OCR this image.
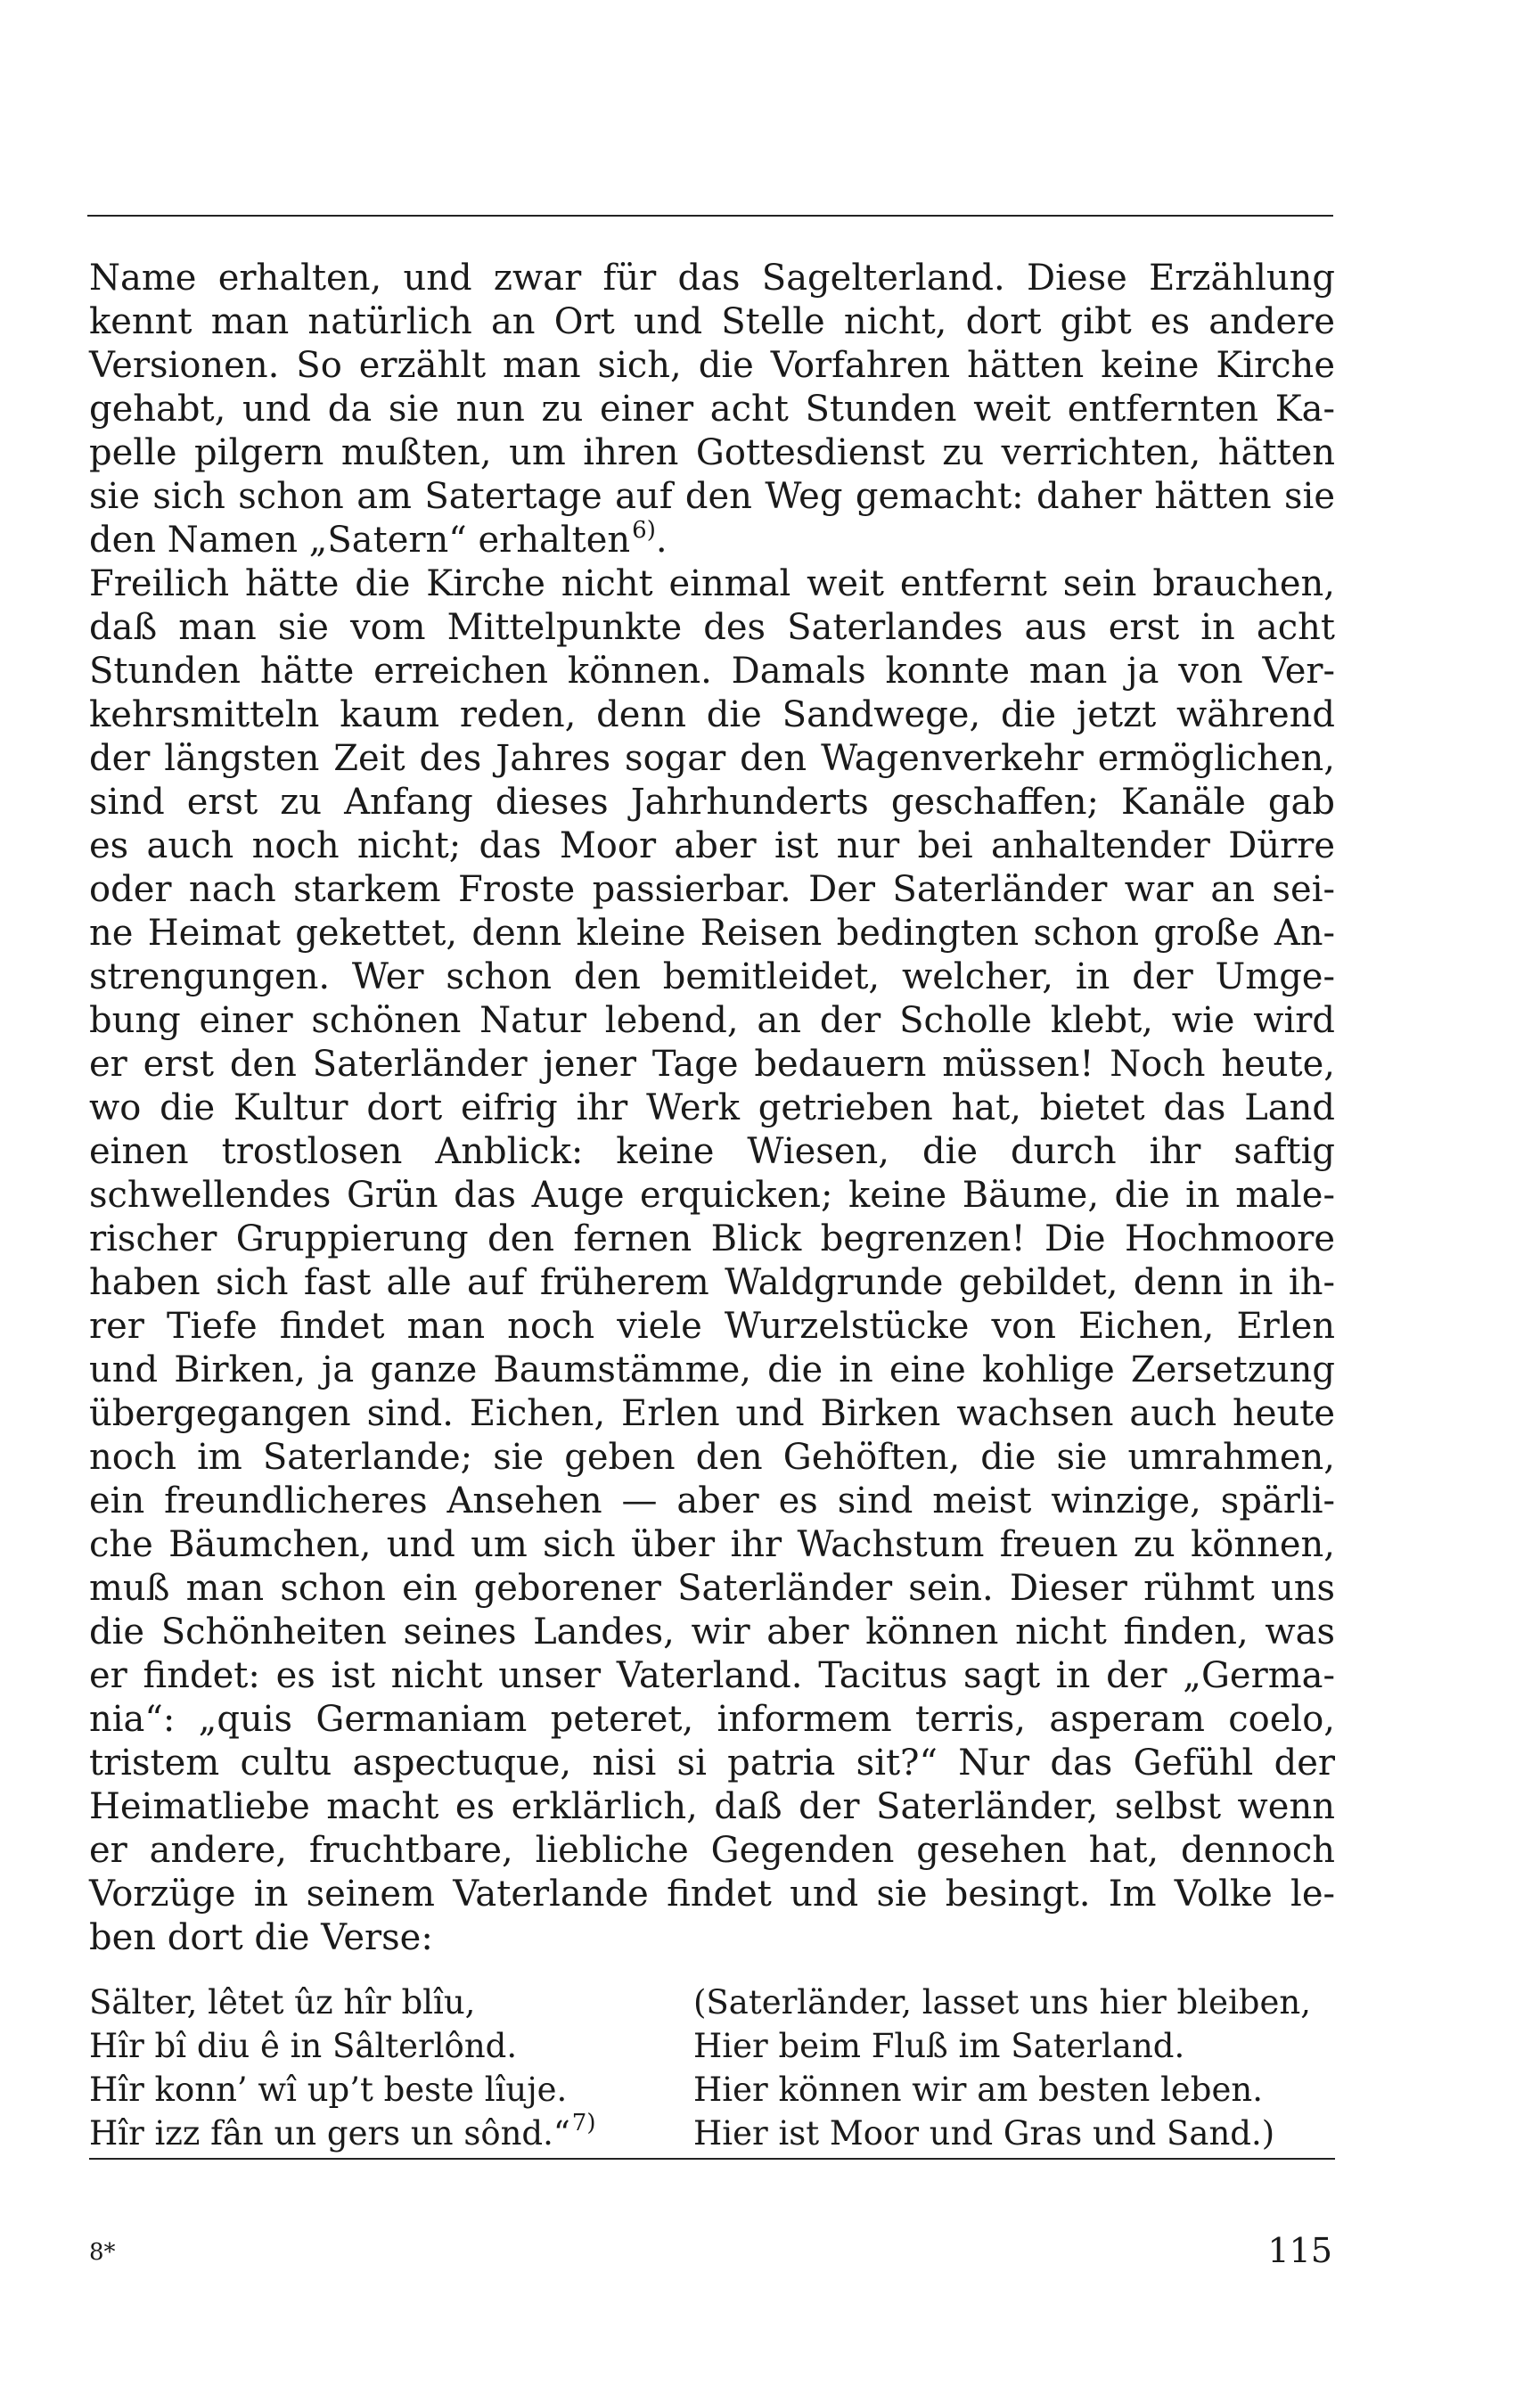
Name erhalten, und zwar für das Sagelterland. Diese Erzählung
kennt man natürlich an Ort und Stelle nicht, dort gibt es andere
Versionen. So erzählt man sich, die Vorfahren hätten keine Kirche
gehabt, und da sie nun zu einer acht Stunden weit entfernten Ka-
pelle pilgern mußten, um ihren Gottesdienst zu verrichten, hätten
sie sich schon am Satertage auf den Weg gemacht: daher hätten sie
den Namen „Satern“ erhalten$^{6)}$.
Freilich hätte die Kirche nicht einmal weit entfernt sein brauchen,
daß man sie vom Mittelpunkte des Saterlandes aus erst in acht
Stunden hätte erreichen können. Damals konnte man ja von Ver-
kehrsmitteln kaum reden, denn die Sandwege, die jetzt während
der längsten Zeit des Jahres sogar den Wagenverkehr ermöglichen,
sind erst zu Anfang dieses Jahrhunderts geschaffen; Kanäle gab
es auch noch nicht; das Moor aber ist nur bei anhaltender Dürre
oder nach starkem Froste passierbar. Der Saterländer war an sei-
ne Heimat gekettet, denn kleine Reisen bedingten schon große An-
strengungen. Wer schon den bemitleidet, welcher, in der Umge-
bung einer schönen Natur lebend, an der Scholle klebt, wie wird
er erst den Saterländer jener Tage bedauern müssen! Noch heute,
wo die Kultur dort eifrig ihr Werk getrieben hat, bietet das Land
einen trostlosen Anblick: keine Wiesen, die durch ihr saftig
schwellendes Grün das Auge erquicken; keine Bäume, die in male-
rischer Gruppierung den fernen Blick begrenzen! Die Hochmoore
haben sich fast alle auf früherem Waldgrunde gebildet, denn in ih-
rer Tiefe findet man noch viele Wurzelstücke von Eichen, Erlen
und Birken, ja ganze Baumstämme, die in eine kohlige Zersetzung
übergegangen sind. Eichen, Erlen und Birken wachsen auch heute
noch im Saterlande; sie geben den Gehöften, die sie umrahmen,
ein freundlicheres Ansehen — aber es sind meist winzige, spärli-
che Bäumchen, und um sich über ihr Wachstum freuen zu können,
muß man schon ein geborener Saterländer sein. Dieser rühmt uns
die Schönheiten seines Landes, wir aber können nicht finden, was
er findet: es ist nicht unser Vaterland. Tacitus sagt in der „Germa-
nia“: „quis Germaniam peteret, informem terris, asperam coelo,
tristem cultu aspectuque, nisi si patria sit?“ Nur das Gefühl der
Heimatliebe macht es erklärlich, daß der Saterländer, selbst wenn
er andere, fruchtbare, liebliche Gegenden gesehen hat, dennoch
Vorzüge in seinem Vaterlande findet und sie besingt. Im Volke le-
ben dort die Verse:
Sälter, lêtet ûz hîr blîu,
Hîr bî diu ê in Sâlterlônd.
Hîr konn’ wî up’t beste lîuje.
Hîr izz fân un gers un sônd.“$^{7)}$
(Saterländer, lasset uns hier bleiben,
Hier beim Fluß im Saterland.
Hier können wir am besten leben.
Hier ist Moor und Gras und Sand.)
8*	115
